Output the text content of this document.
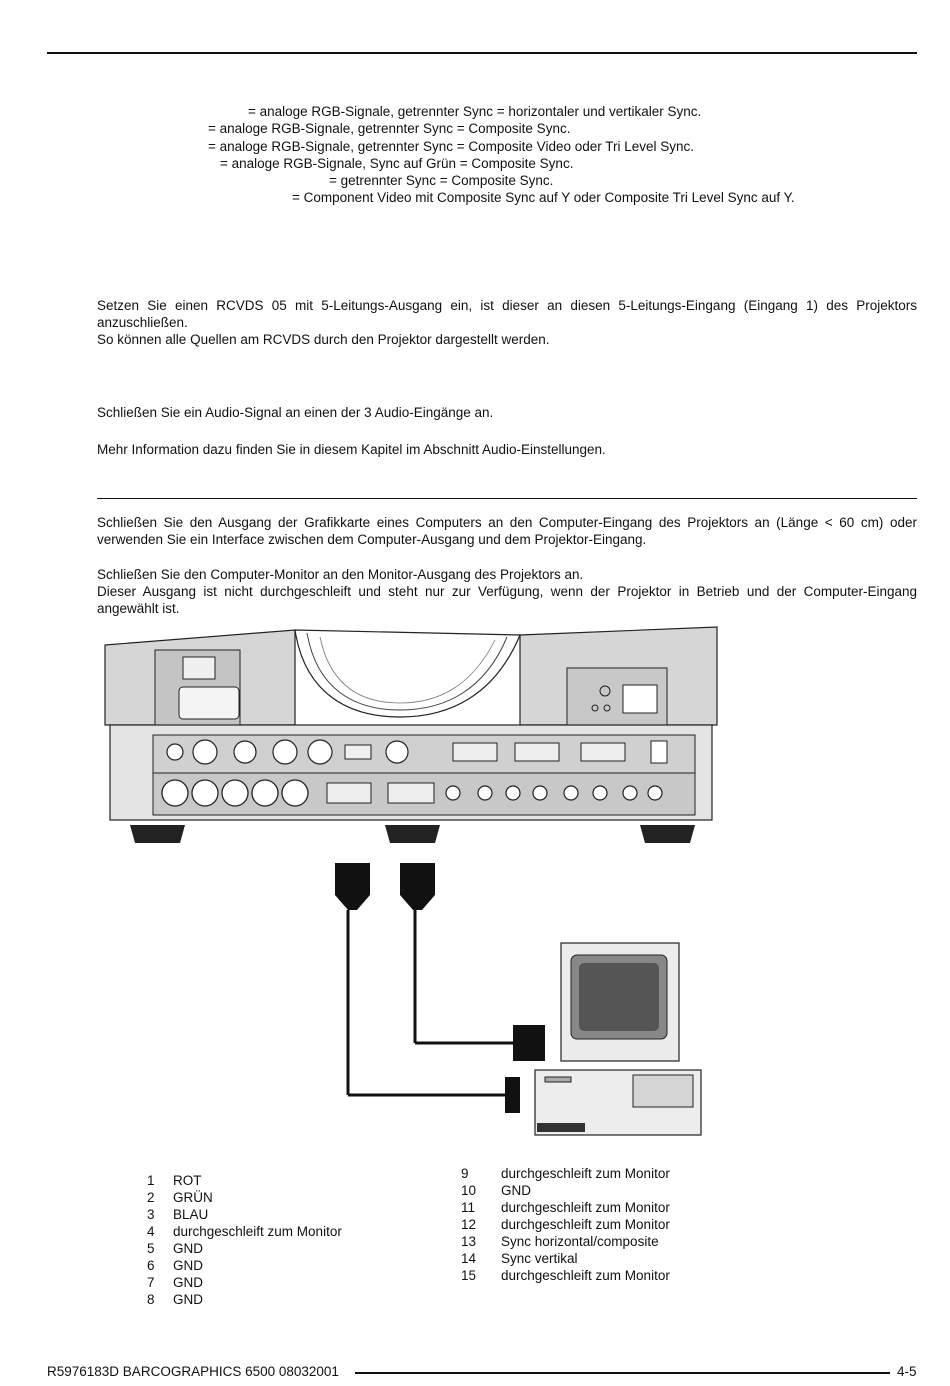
= analoge RGB-Signale, getrennter Sync = horizontaler und vertikaler Sync.
= analoge RGB-Signale, getrennter Sync = Composite Sync.
= analoge RGB-Signale, getrennter Sync = Composite Video oder Tri Level Sync.
= analoge RGB-Signale, Sync auf Grün = Composite Sync.
= getrennter Sync = Composite Sync.
= Component Video mit Composite Sync auf Y oder Composite Tri Level Sync auf Y.
Setzen Sie einen RCVDS 05 mit 5-Leitungs-Ausgang ein, ist dieser an diesen 5-Leitungs-Eingang (Eingang 1) des Projektors anzuschließen.
So können alle Quellen am RCVDS durch den Projektor dargestellt werden.
Schließen Sie ein Audio-Signal an einen der 3 Audio-Eingänge an.
Mehr Information dazu finden Sie in diesem Kapitel im Abschnitt Audio-Einstellungen.
Schließen Sie den Ausgang der Grafikkarte eines Computers an den Computer-Eingang des Projektors an (Länge < 60 cm) oder verwenden Sie ein Interface zwischen dem Computer-Ausgang und dem Projektor-Eingang.
Schließen Sie den Computer-Monitor an den Monitor-Ausgang des Projektors an.
Dieser Ausgang ist nicht durchgeschleift und steht nur zur Verfügung, wenn der Projektor in Betrieb und der Computer-Eingang angewählt ist.
1 ROT
2 GRÜN
3 BLAU
4 durchgeschleift zum Monitor
5 GND
6 GND
7 GND
8 GND
9 durchgeschleift zum Monitor
10 GND
11 durchgeschleift zum Monitor
12 durchgeschleift zum Monitor
13 Sync horizontal/composite
14 Sync vertikal
15 durchgeschleift zum Monitor
R5976183D BARCOGRAPHICS 6500 08032001	4-5
